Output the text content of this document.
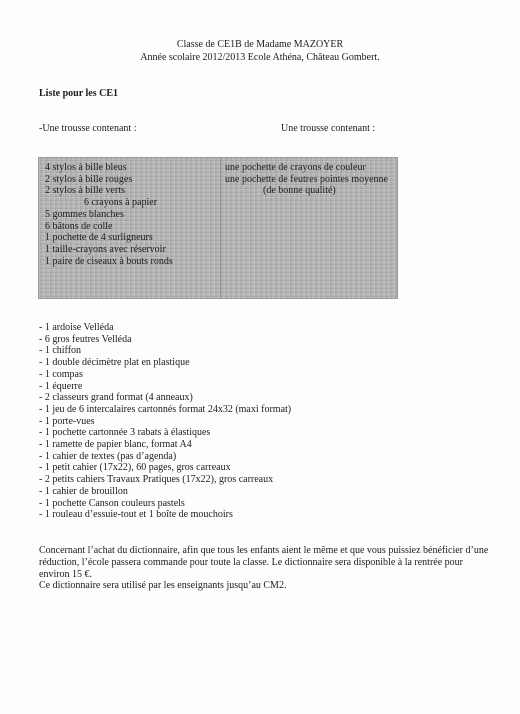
Classe de CE1B de Madame MAZOYER
Année scolaire 2012/2013 Ecole Athéna, Château Gombert.
Liste pour les CE1
-Une trousse contenant :	Une trousse contenant :
4 stylos à bille bleus
2 stylos à bille rouges
2 stylos à bille verts
6 crayons à papier
5 gommes blanches
6 bâtons de colle
1 pochette de 4 surligneurs
1 taille-crayons avec réservoir
1 paire de ciseaux à bouts ronds
une pochette de crayons de couleur
une pochette de feutres pointes moyenne
(de bonne qualité)
- 1 ardoise Velléda
- 6 gros feutres Velléda
- 1 chiffon
- 1 double décimètre plat en plastique
- 1 compas
- 1 équerre
- 2 classeurs grand format (4 anneaux)
- 1 jeu de 6 intercalaires cartonnés format 24x32 (maxi format)
- 1 porte-vues
- 1 pochette cartonnée 3 rabats à élastiques
- 1 ramette de papier blanc, format A4
- 1 cahier de textes (pas d’agenda)
- 1 petit cahier (17x22), 60 pages, gros carreaux
- 2 petits cahiers Travaux Pratiques (17x22), gros carreaux
- 1 cahier de brouillon
- 1 pochette Canson couleurs pastels
- 1 rouleau d’essuie-tout et 1 boîte de mouchoirs

Concernant l’achat du dictionnaire, afin que tous les enfants aient le même et que vous puissiez bénéficier d’une réduction, l’école passera commande pour toute la classe. Le dictionnaire sera disponible à la rentrée pour environ 15 €.

Ce dictionnaire sera utilisé par les enseignants jusqu’au CM2.
